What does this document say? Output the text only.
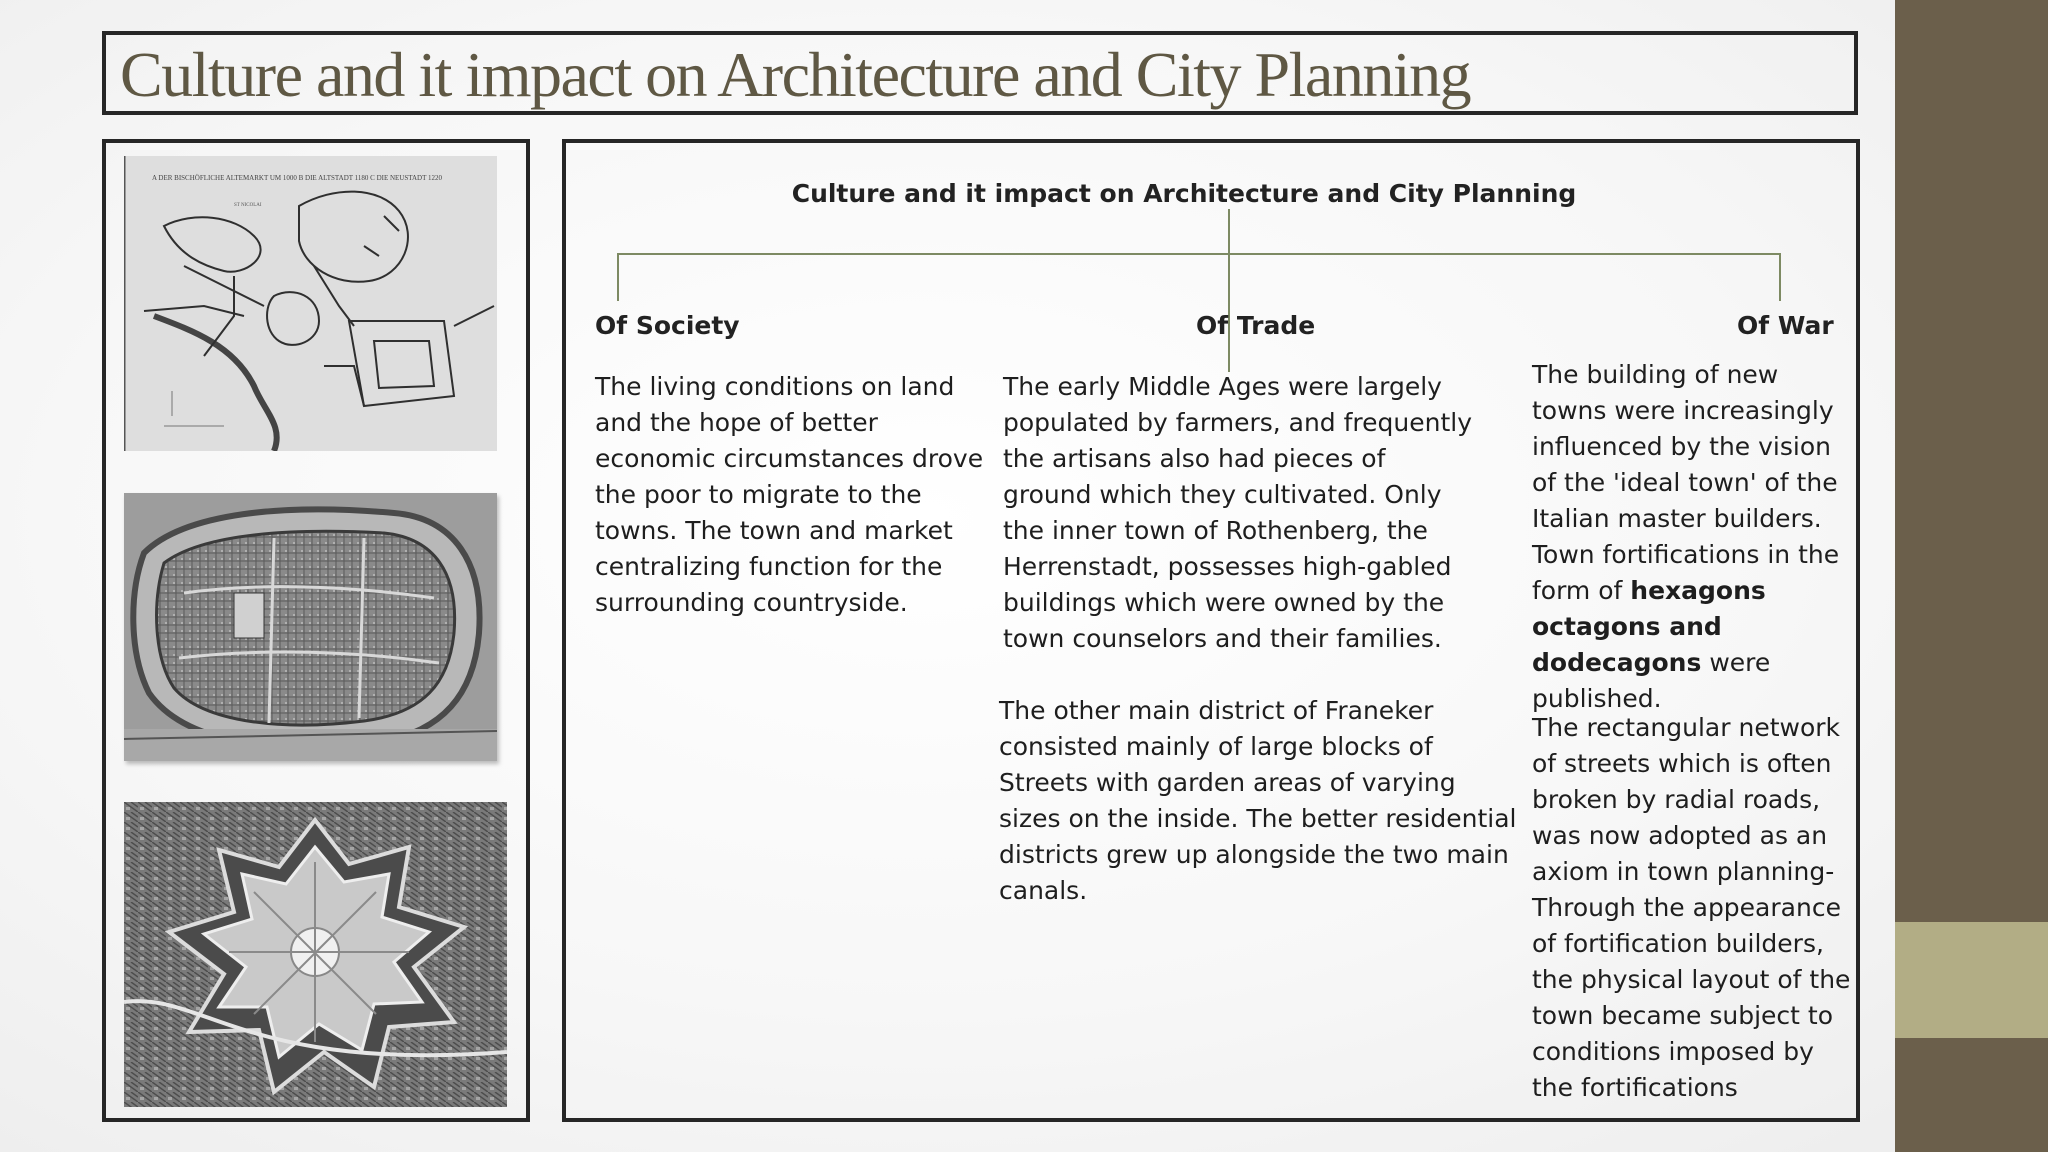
Culture and it impact on Architecture and City Planning
A DER BISCHÖFLICHE ALTEMARKT UM 1000 B DIE ALTSTADT 1180 C DIE NEUSTADT 1220
ST NICOLAI	Culture and it impact on Architecture and City Planning
Of Society	Of Trade	Of War
The living conditions on land and the hope of better economic circumstances drove the poor to migrate to the towns. The town and market centralizing function for the surrounding countryside.
The early Middle Ages were largely populated by farmers, and frequently the artisans also had pieces of ground which they cultivated. Only the inner town of Rothenberg, the Herrenstadt, possesses high-gabled buildings which were owned by the town counselors and their families.
The other main district of Franeker consisted mainly of large blocks of Streets with garden areas of varying sizes on the inside. The better residential districts grew up alongside the two main canals.
The building of new towns were increasingly influenced by the vision of the 'ideal town' of the Italian master builders. Town fortifications in the form of hexagons octagons and dodecagons were published.
The rectangular network of streets which is often broken by radial roads, was now adopted as an axiom in town planning- Through the appearance of fortification builders, the physical layout of the town became subject to conditions imposed by the fortifications
